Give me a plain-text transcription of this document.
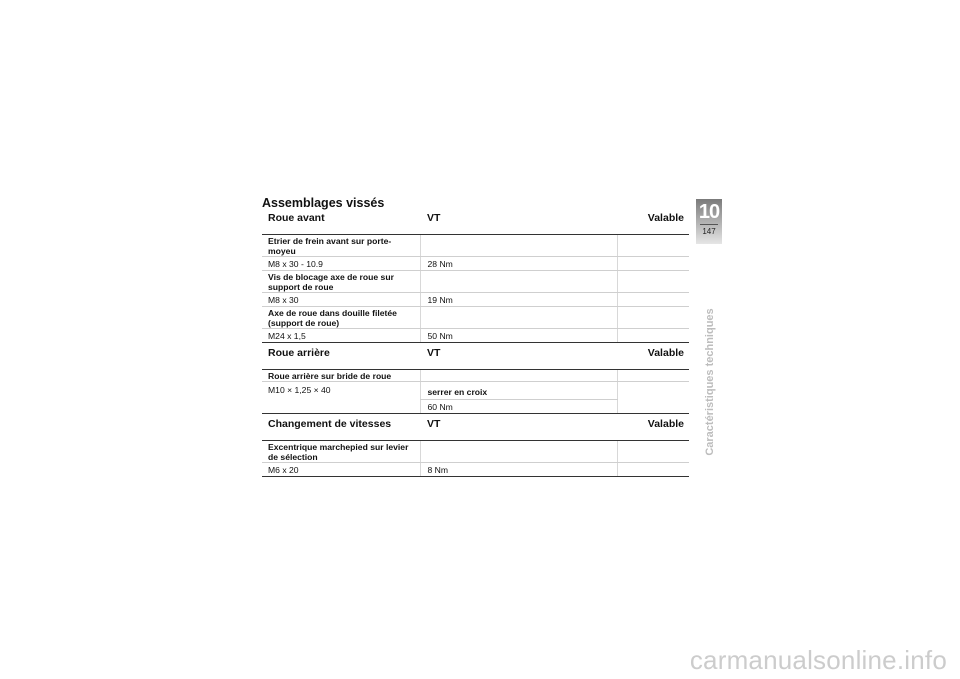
Assemblages vissés
Roue avant	VT	Valable
Etrier de frein avant sur porte-moyeu		
M8 x 30 - 10.9	28 Nm	
Vis de blocage axe de roue sur support de roue		
M8 x 30	19 Nm	
Axe de roue dans douille filetée (support de roue)		
M24 x 1,5	50 Nm	
Roue arrière	VT	Valable
Roue arrière sur bride de roue		
M10 × 1,25 × 40	serrer en croix	
	60 Nm	
Changement de vitesses	VT	Valable
Excentrique marchepied sur levier de sélection		
M6 x 20	8 Nm	
10
147
Caractéristiques techniques
carmanualsonline.info
